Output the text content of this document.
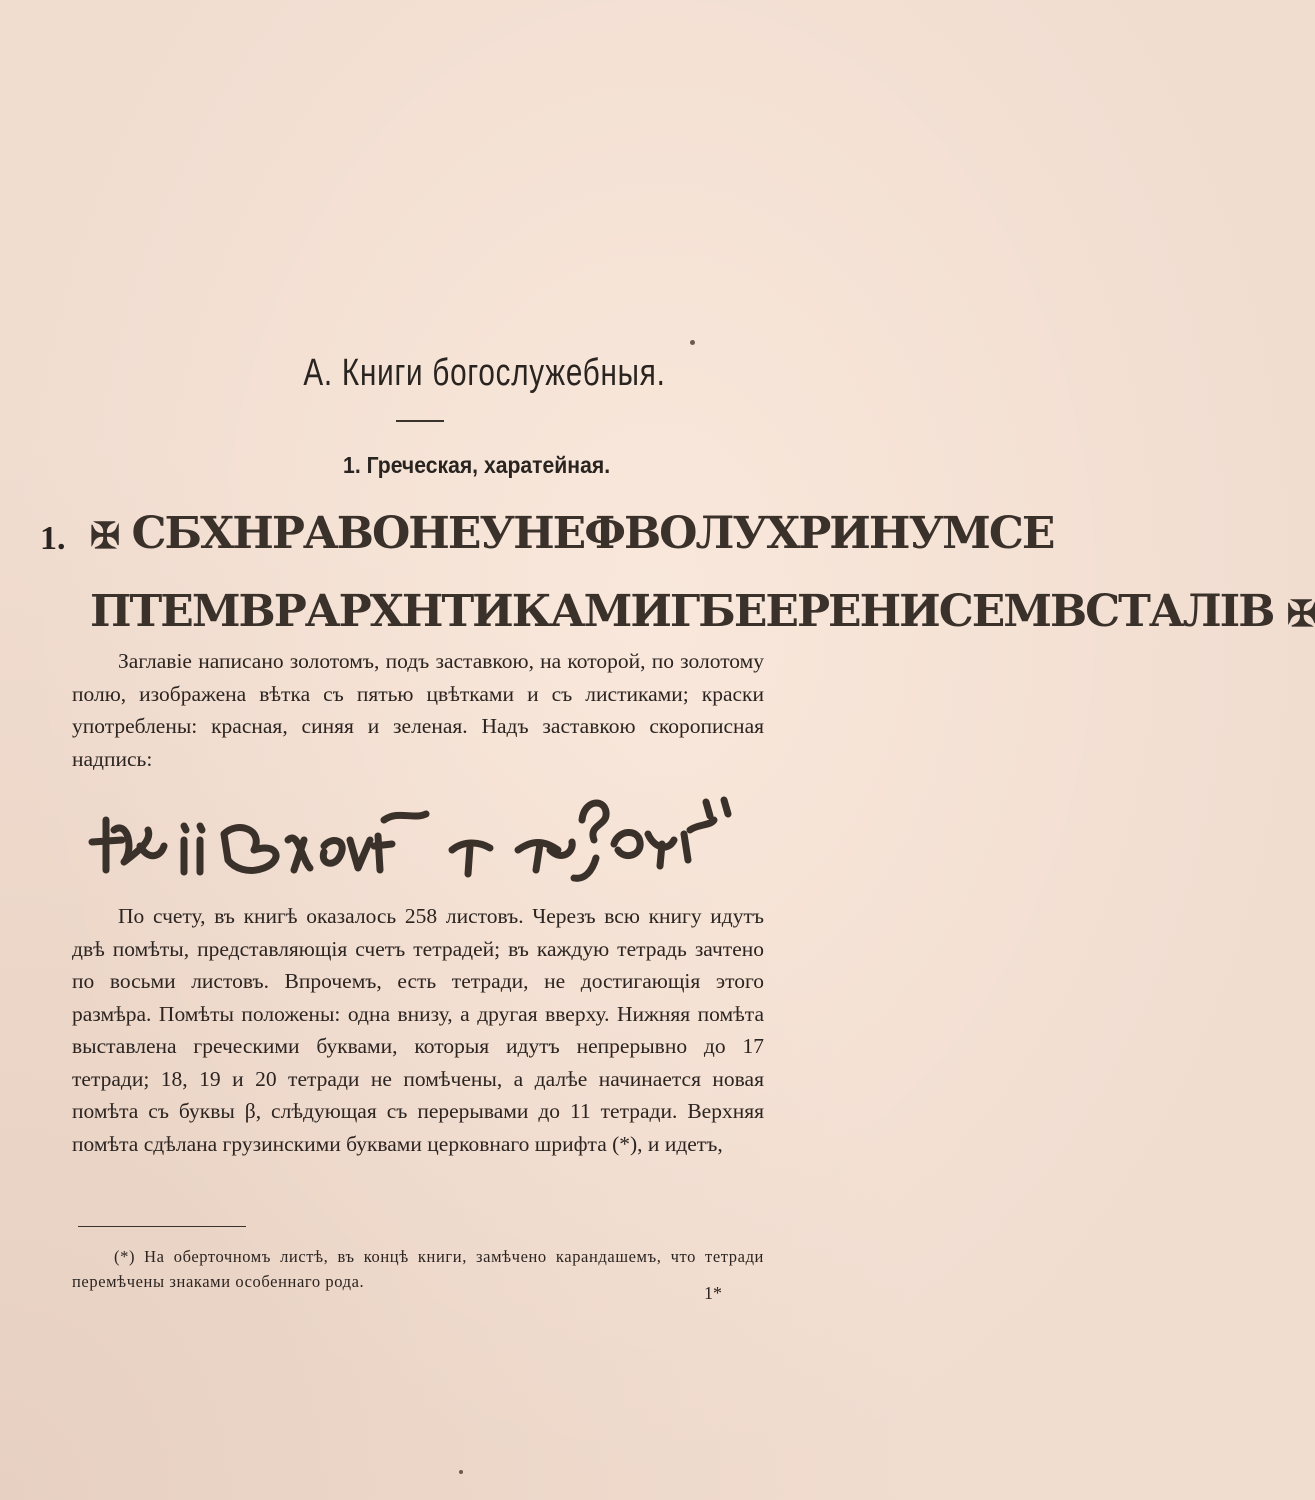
А. Книги богослужебныя.
1. Греческая, харатейная.
1. ✠ СБХНРАВОНЕУНЕФВОЛУХРИНУМСЕ
ПТЕМВРАРХНТИКАМИГБЕЕРЕНИСЕМВСТАЛІВ ✠

Заглавіе написано золотомъ, подъ заставкою, на которой, по золотому полю, изображена вѣтка съ пятью цвѣтками и съ листиками; краски употреблены: красная, синяя и зеленая. Надъ заставкою скорописная надпись:

По счету, въ книгѣ оказалось 258 листовъ. Черезъ всю книгу идутъ двѣ помѣты, представляющія счетъ тетрадей; въ каждую тетрадь зачтено по восьми листовъ. Впрочемъ, есть тетради, не достигающія этого размѣра. Помѣты положены: одна внизу, а другая вверху. Нижняя помѣта выставлена греческими буквами, которыя идутъ непрерывно до 17 тетради; 18, 19 и 20 тетради не помѣчены, а далѣе начинается новая помѣта съ буквы β, слѣдующая съ перерывами до 11 тетради. Верхняя помѣта сдѣлана грузинскими буквами церковнаго шрифта (*), и идетъ,

(*) На оберточномъ листѣ, въ концѣ книги, замѣчено карандашемъ, что тетради перемѣчены знаками особеннаго рода.

1*
